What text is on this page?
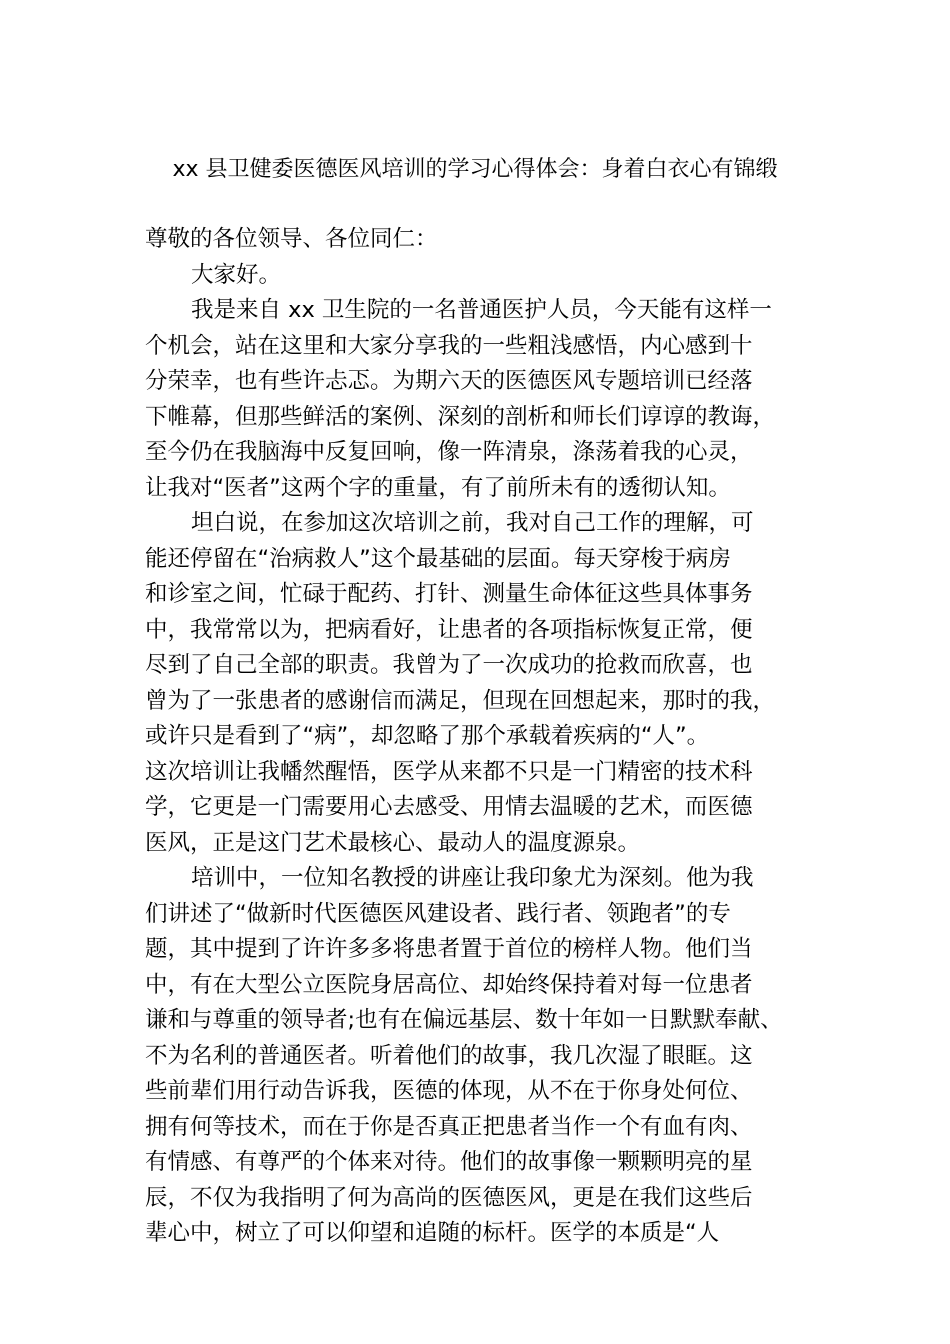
xx 县卫健委医德医风培训的学习心得体会：身着白衣心有锦缎
尊敬的各位领导、各位同仁：
大家好。
我是来自 xx 卫生院的一名普通医护人员，今天能有这样一
个机会，站在这里和大家分享我的一些粗浅感悟，内心感到十
分荣幸，也有些许忐忑。为期六天的医德医风专题培训已经落
下帷幕，但那些鲜活的案例、深刻的剖析和师长们谆谆的教诲，
至今仍在我脑海中反复回响，像一阵清泉，涤荡着我的心灵，
让我对“医者”这两个字的重量，有了前所未有的透彻认知。
坦白说，在参加这次培训之前，我对自己工作的理解，可
能还停留在“治病救人”这个最基础的层面。每天穿梭于病房
和诊室之间，忙碌于配药、打针、测量生命体征这些具体事务
中，我常常以为，把病看好，让患者的各项指标恢复正常，便
尽到了自己全部的职责。我曾为了一次成功的抢救而欣喜，也
曾为了一张患者的感谢信而满足，但现在回想起来，那时的我，
或许只是看到了“病”，却忽略了那个承载着疾病的“人”。
这次培训让我幡然醒悟，医学从来都不只是一门精密的技术科
学，它更是一门需要用心去感受、用情去温暖的艺术，而医德
医风，正是这门艺术最核心、最动人的温度源泉。
培训中，一位知名教授的讲座让我印象尤为深刻。他为我
们讲述了“做新时代医德医风建设者、践行者、领跑者”的专
题，其中提到了许许多多将患者置于首位的榜样人物。他们当
中，有在大型公立医院身居高位、却始终保持着对每一位患者
谦和与尊重的领导者;也有在偏远基层、数十年如一日默默奉献、
不为名利的普通医者。听着他们的故事，我几次湿了眼眶。这
些前辈们用行动告诉我，医德的体现，从不在于你身处何位、
拥有何等技术，而在于你是否真正把患者当作一个有血有肉、
有情感、有尊严的个体来对待。他们的故事像一颗颗明亮的星
辰，不仅为我指明了何为高尚的医德医风，更是在我们这些后
辈心中，树立了可以仰望和追随的标杆。医学的本质是“人
